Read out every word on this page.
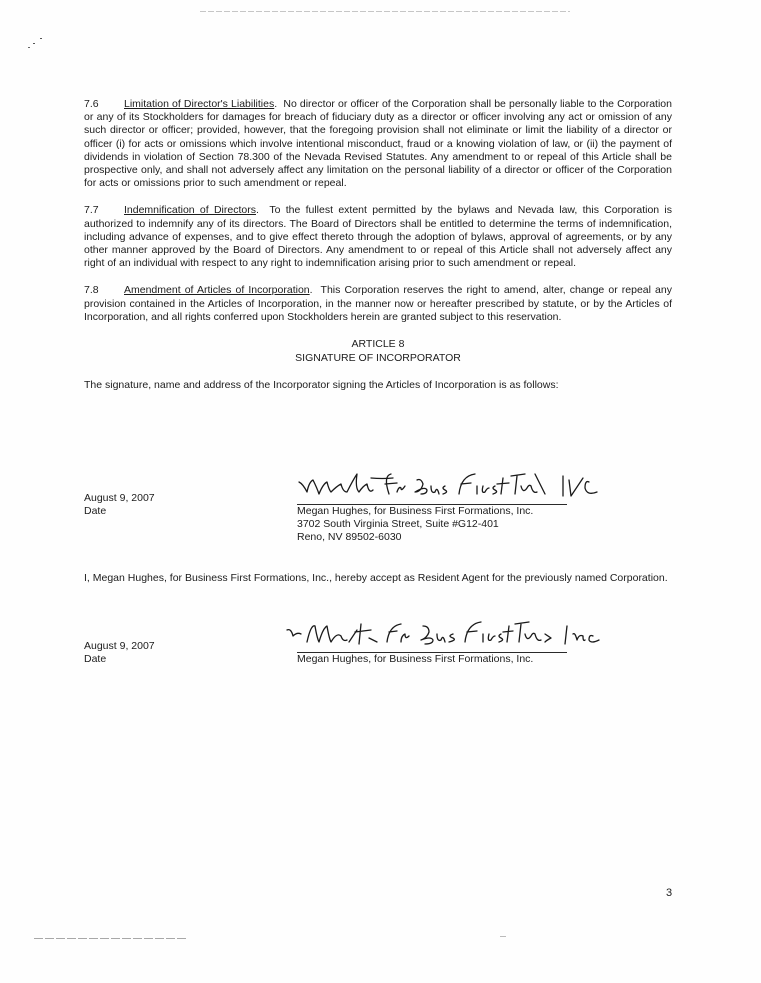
7.6 Limitation of Director's Liabilities.  No director or officer of the Corporation shall be personally liable to the Corporation or any of its Stockholders for damages for breach of fiduciary duty as a director or officer involving any act or omission of any such director or officer; provided, however, that the foregoing provision shall not eliminate or limit the liability of a director or officer (i) for acts or omissions which involve intentional misconduct, fraud or a knowing violation of law, or (ii) the payment of dividends in violation of Section 78.300 of the Nevada Revised Statutes. Any amendment to or repeal of this Article shall be prospective only, and shall not adversely affect any limitation on the personal liability of a director or officer of the Corporation for acts or omissions prior to such amendment or repeal.

7.7 Indemnification of Directors.  To the fullest extent permitted by the bylaws and Nevada law, this Corporation is authorized to indemnify any of its directors. The Board of Directors shall be entitled to determine the terms of indemnification, including advance of expenses, and to give effect thereto through the adoption of bylaws, approval of agreements, or by any other manner approved by the Board of Directors. Any amendment to or repeal of this Article shall not adversely affect any right of an individual with respect to any right to indemnification arising prior to such amendment or repeal.

7.8 Amendment of Articles of Incorporation.  This Corporation reserves the right to amend, alter, change or repeal any provision contained in the Articles of Incorporation, in the manner now or hereafter prescribed by statute, or by the Articles of Incorporation, and all rights conferred upon Stockholders herein are granted subject to this reservation.

ARTICLE 8

SIGNATURE OF INCORPORATOR

The signature, name and address of the Incorporator signing the Articles of Incorporation is as follows:

August 9, 2007
Date	Megan Hughes, for Business First Formations, Inc.
3702 South Virginia Street, Suite #G12-401
Reno, NV 89502-6030

I, Megan Hughes, for Business First Formations, Inc., hereby accept as Resident Agent for the previously named Corporation.

August 9, 2007
Date	Megan Hughes, for Business First Formations, Inc.
3
